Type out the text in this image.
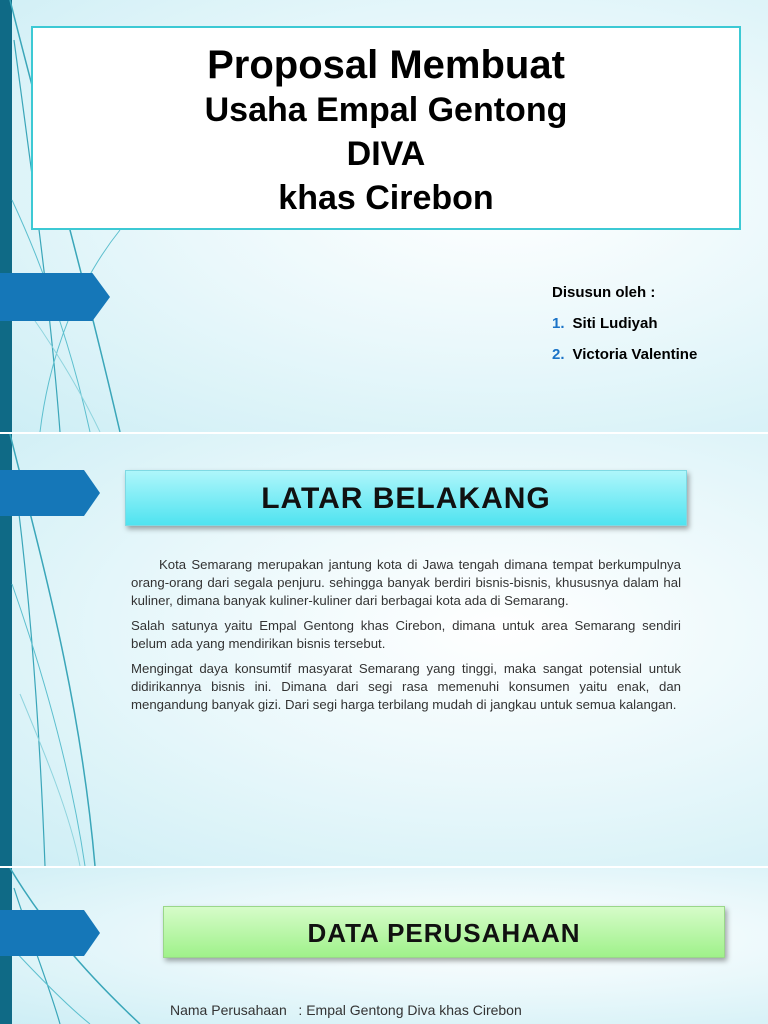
Proposal Membuat
Usaha Empal Gentong
DIVA
khas Cirebon
Disusun oleh :
1. Siti Ludiyah
2. Victoria Valentine
LATAR BELAKANG

Kota Semarang merupakan jantung kota di Jawa tengah dimana tempat berkumpulnya orang-orang dari segala penjuru. sehingga banyak berdiri bisnis-bisnis, khususnya dalam hal kuliner, dimana banyak kuliner-kuliner dari berbagai kota ada di Semarang.

Salah satunya yaitu Empal Gentong khas Cirebon, dimana untuk area Semarang sendiri belum ada yang mendirikan bisnis tersebut.

Mengingat daya konsumtif masyarat Semarang yang tinggi, maka sangat potensial untuk didirikannya bisnis ini. Dimana dari segi rasa memenuhi konsumen yaitu enak, dan mengandung banyak gizi. Dari segi harga terbilang mudah di jangkau untuk semua kalangan.

DATA PERUSAHAAN
Nama Perusahaan : Empal Gentong Diva khas Cirebon
